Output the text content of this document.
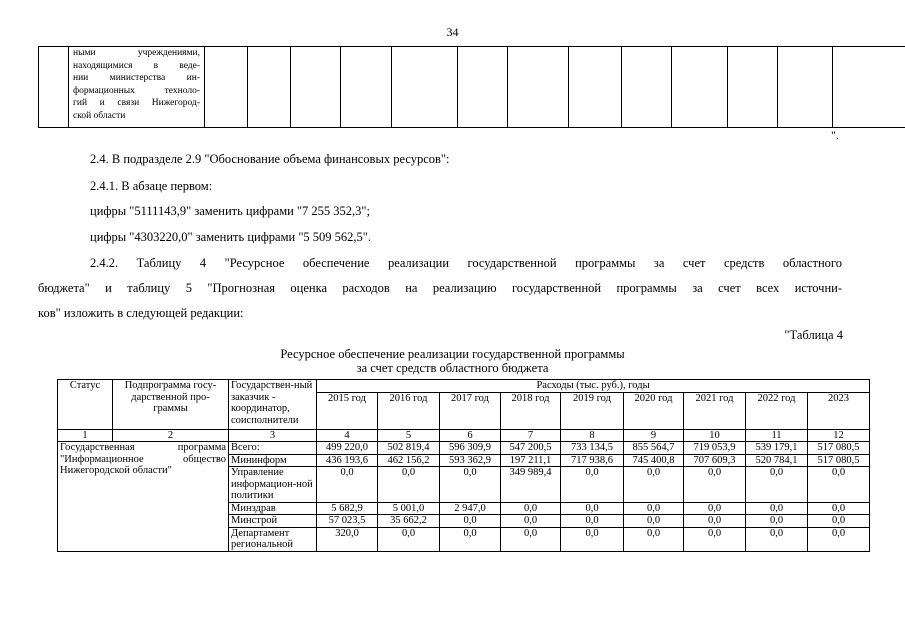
34

ными учреждениями,
находящимися в веде-
нии министерства ин-
формационных техноло-
гий и связи Нижегород-
ской области

".
2.4. В подразделе 2.9 "Обоснование объема финансовых ресурсов":
2.4.1. В абзаце первом:
цифры "5111143,9" заменить цифрами "7 255 352,3";
цифры "4303220,0" заменить цифрами "5 509 562,5".
2.4.2. Таблицу 4 "Ресурсное обеспечение реализации государственной программы за счет средств областного
бюджета" и таблицу 5 "Прогнозная оценка расходов на реализацию государственной программы за счет всех источни-
ков" изложить в следующей редакции:
"Таблица 4
Ресурсное обеспечение реализации государственной программы
за счет средств областного бюджета
Статус	Подпрограмма госу-дарственной про-граммы	Государствен-ный заказчик - координатор, соисполнители	Расходы (тыс. руб.), годы								
			2015 год	2016 год	2017 год	2018 год	2019 год	2020 год	2021 год	2022 год	2023
1	2	3	4	5	6	7	8	9	10	11	12

Государственная программа
"Информационное общество
Нижегородской области"		Всего:	499 220,0	502 819,4	596 309,9	547 200,5	733 134,5	855 564,7	719 053,9	539 179,1	517 080,5
		Мининформ	436 193,6	462 156,2	593 362,9	197 211,1	717 938,6	745 400,8	707 609,3	520 784,1	517 080,5
		Управление информацион-ной политики	0,0	0,0	0,0	349 989,4	0,0	0,0	0,0	0,0	0,0
		Минздрав	5 682,9	5 001,0	2 947,0	0,0	0,0	0,0	0,0	0,0	0,0
		Минстрой	57 023,5	35 662,2	0,0	0,0	0,0	0,0	0,0	0,0	0,0
		Департамент региональной	320,0	0,0	0,0	0,0	0,0	0,0	0,0	0,0	0,0
